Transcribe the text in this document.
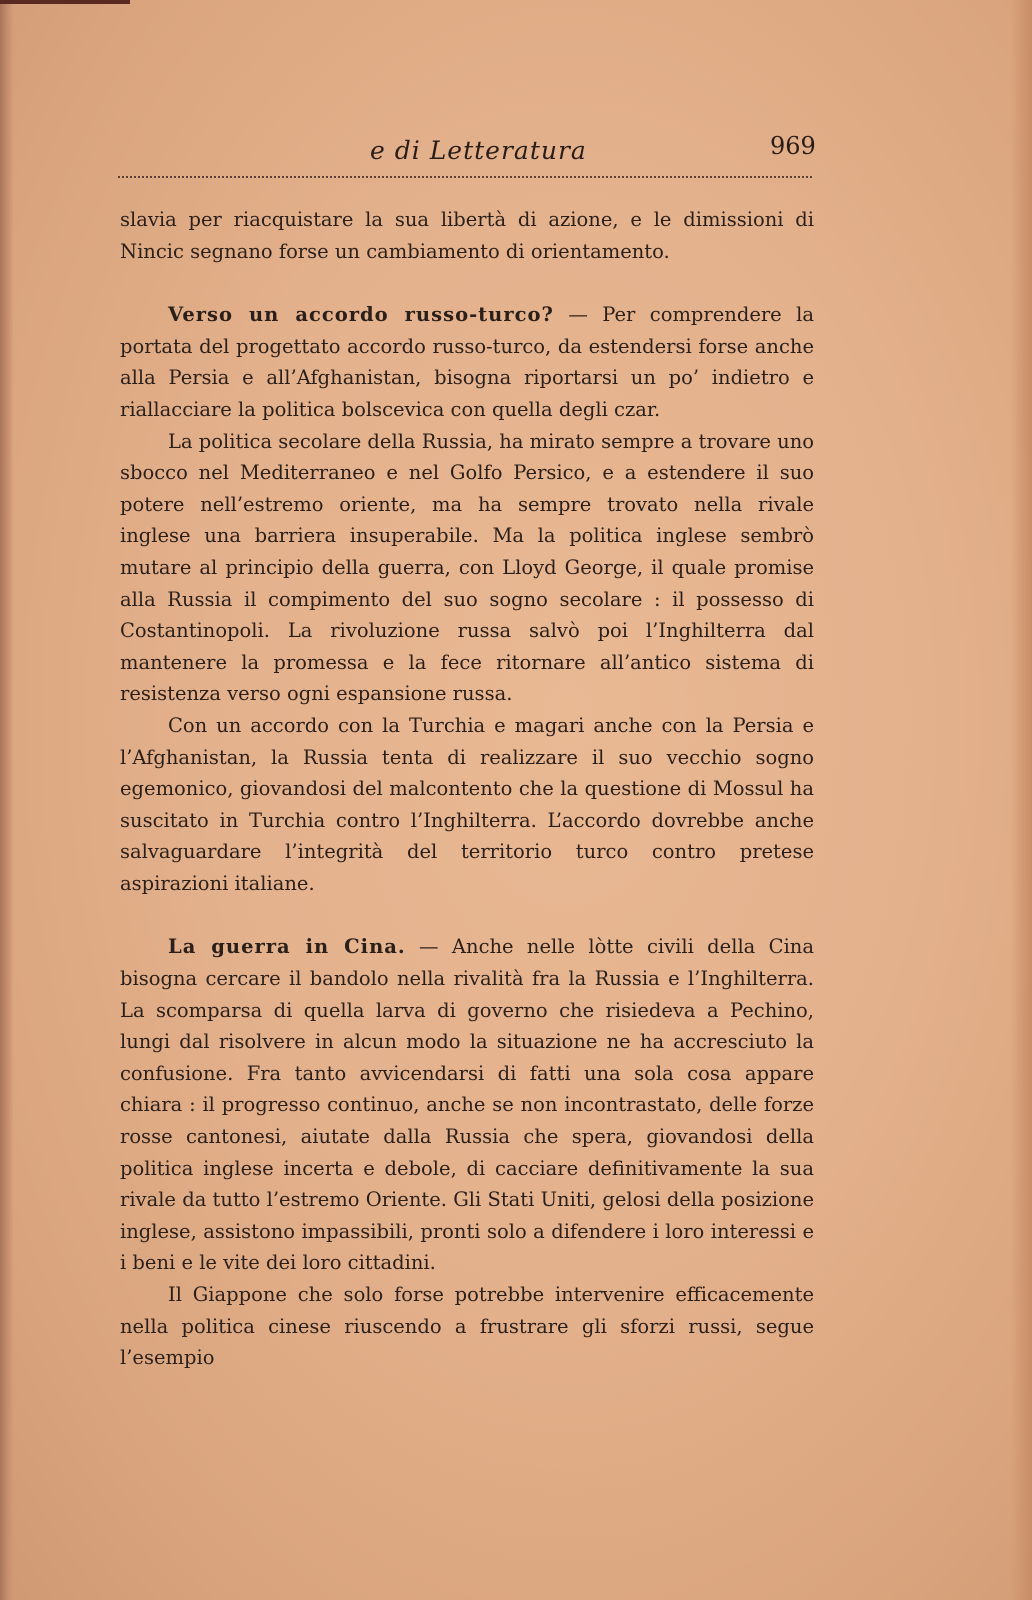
e di Letteratura	969

slavia per riacquistare la sua libertà di azione, e le dimissioni di Nincic segnano forse un cambiamento di orientamento.

Verso un accordo russo-turco? — Per comprendere la portata del progettato accordo russo-turco, da estendersi forse anche alla Persia e all’Afghanistan, bisogna riportarsi un po’ indietro e riallacciare la politica bolscevica con quella degli czar.

La politica secolare della Russia, ha mirato sempre a trovare uno sbocco nel Mediterraneo e nel Golfo Persico, e a estendere il suo potere nell’estremo oriente, ma ha sempre trovato nella rivale inglese una barriera insuperabile. Ma la politica inglese sembrò mutare al principio della guerra, con Lloyd George, il quale promise alla Russia il compimento del suo sogno secolare : il possesso di Costantinopoli. La rivoluzione russa salvò poi l’Inghilterra dal mantenere la promessa e la fece ritornare all’antico sistema di resistenza verso ogni espansione russa.

Con un accordo con la Turchia e magari anche con la Persia e l’Afghanistan, la Russia tenta di realizzare il suo vecchio sogno egemonico, giovandosi del malcontento che la questione di Mossul ha suscitato in Turchia contro l’Inghilterra. L’accordo dovrebbe anche salvaguardare l’integrità del territorio turco contro pretese aspirazioni italiane.

La guerra in Cina. — Anche nelle lòtte civili della Cina bisogna cercare il bandolo nella rivalità fra la Russia e l’Inghilterra. La scomparsa di quella larva di governo che risiedeva a Pechino, lungi dal risolvere in alcun modo la situazione ne ha accresciuto la confusione. Fra tanto avvicendarsi di fatti una sola cosa appare chiara : il progresso continuo, anche se non incontrastato, delle forze rosse cantonesi, aiutate dalla Russia che spera, giovandosi della politica inglese incerta e debole, di cacciare definitivamente la sua rivale da tutto l’estremo Oriente. Gli Stati Uniti, gelosi della posizione inglese, assistono impassibili, pronti solo a difendere i loro interessi e i beni e le vite dei loro cittadini.

Il Giappone che solo forse potrebbe intervenire efficacemente nella politica cinese riuscendo a frustrare gli sforzi russi, segue l’esempio
